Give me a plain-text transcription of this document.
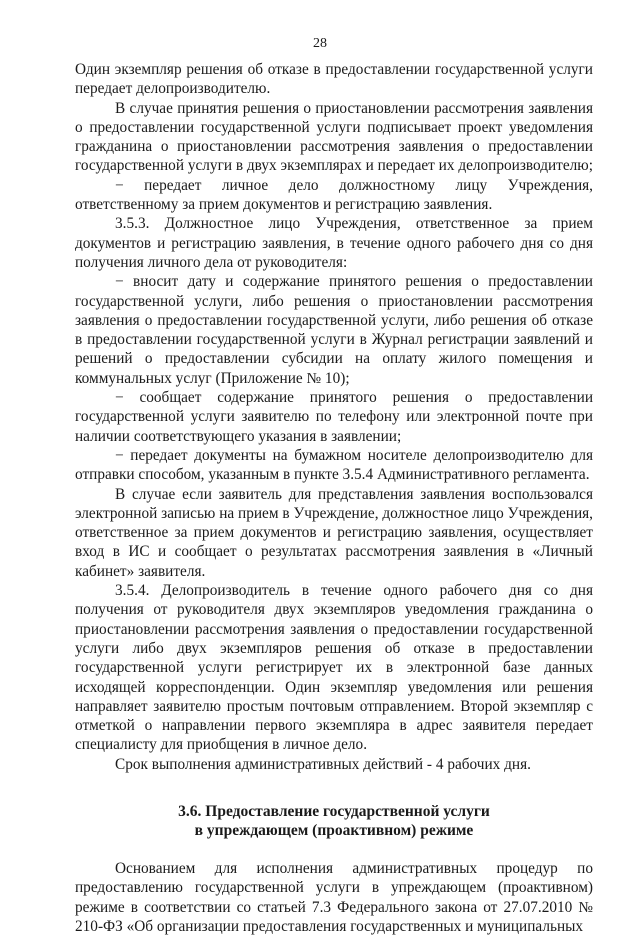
28

Один экземпляр решения об отказе в предоставлении государственной услуги передает делопроизводителю.

В случае принятия решения о приостановлении рассмотрения заявления о предоставлении государственной услуги подписывает проект уведомления гражданина о приостановлении рассмотрения заявления о предоставлении государственной услуги в двух экземплярах и передает их делопроизводителю;

− передает личное дело должностному лицу Учреждения, ответственному за прием документов и регистрацию заявления.

3.5.3. Должностное лицо Учреждения, ответственное за прием документов и регистрацию заявления, в течение одного рабочего дня со дня получения личного дела от руководителя:

− вносит дату и содержание принятого решения о предоставлении государственной услуги, либо решения о приостановлении рассмотрения заявления о предоставлении государственной услуги, либо решения об отказе в предоставлении государственной услуги в Журнал регистрации заявлений и решений о предоставлении субсидии на оплату жилого помещения и коммунальных услуг (Приложение № 10);

− сообщает содержание принятого решения о предоставлении государственной услуги заявителю по телефону или электронной почте при наличии соответствующего указания в заявлении;

− передает документы на бумажном носителе делопроизводителю для отправки способом, указанным в пункте 3.5.4 Административного регламента.

В случае если заявитель для представления заявления воспользовался электронной записью на прием в Учреждение, должностное лицо Учреждения, ответственное за прием документов и регистрацию заявления, осуществляет вход в ИС и сообщает о результатах рассмотрения заявления в «Личный кабинет» заявителя.

3.5.4. Делопроизводитель в течение одного рабочего дня со дня получения от руководителя двух экземпляров уведомления гражданина о приостановлении рассмотрения заявления о предоставлении государственной услуги либо двух экземпляров решения об отказе в предоставлении государственной услуги регистрирует их в электронной базе данных исходящей корреспонденции. Один экземпляр уведомления или решения направляет заявителю простым почтовым отправлением. Второй экземпляр с отметкой о направлении первого экземпляра в адрес заявителя передает специалисту для приобщения в личное дело.

Срок выполнения административных действий - 4 рабочих дня.

3.6. Предоставление государственной услуги
в упреждающем (проактивном) режиме

Основанием для исполнения административных процедур по предоставлению государственной услуги в упреждающем (проактивном) режиме в соответствии со статьей 7.3 Федерального закона от 27.07.2010 № 210-ФЗ «Об организации предоставления государственных и муниципальных
